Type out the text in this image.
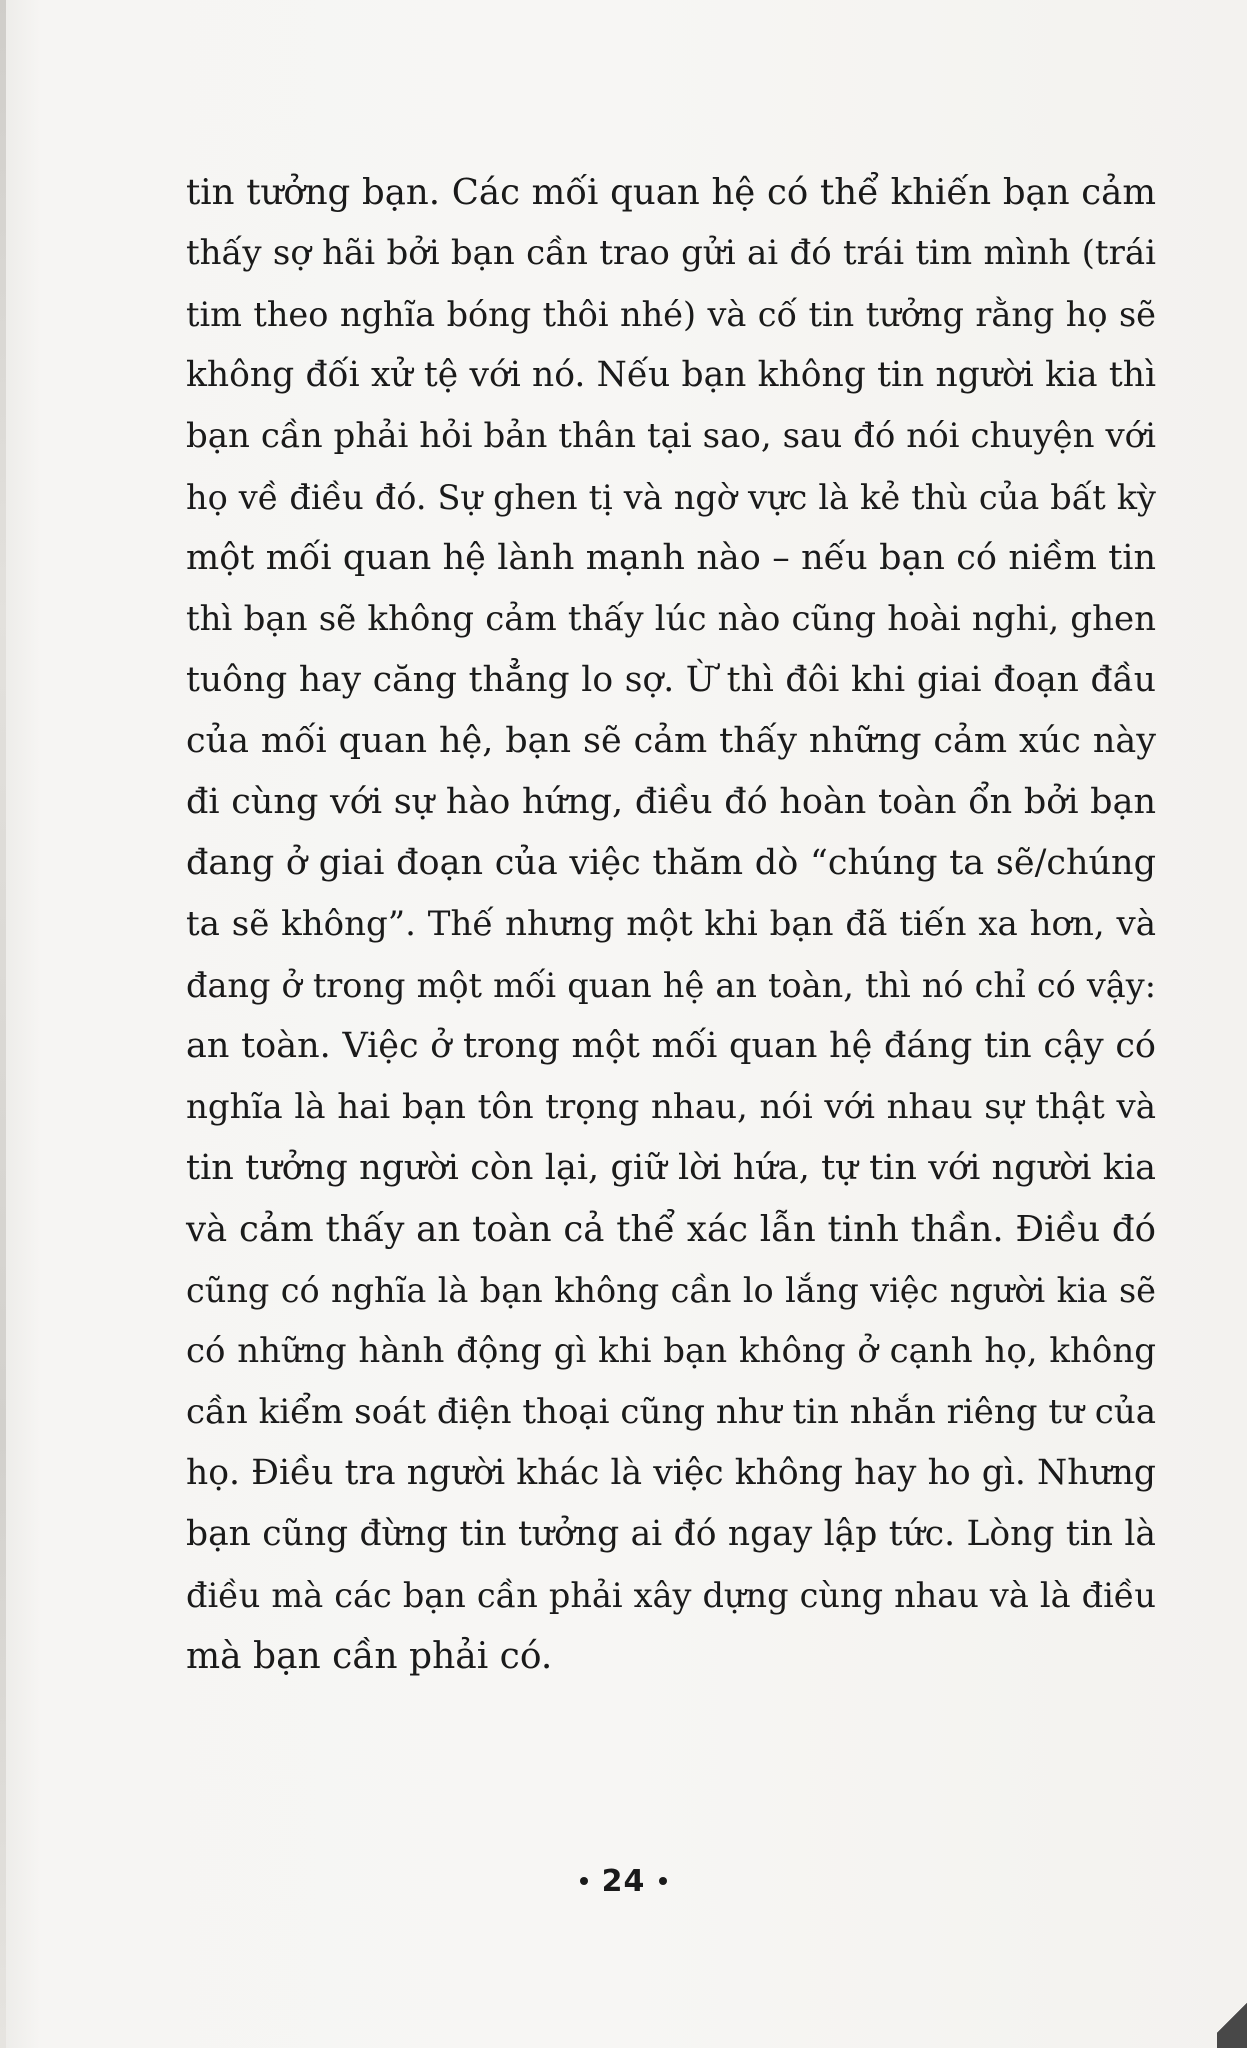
tin tưởng bạn. Các mối quan hệ có thể khiến bạn cảm
thấy sợ hãi bởi bạn cần trao gửi ai đó trái tim mình (trái
tim theo nghĩa bóng thôi nhé) và cố tin tưởng rằng họ sẽ
không đối xử tệ với nó. Nếu bạn không tin người kia thì
bạn cần phải hỏi bản thân tại sao, sau đó nói chuyện với
họ về điều đó. Sự ghen tị và ngờ vực là kẻ thù của bất kỳ
một mối quan hệ lành mạnh nào – nếu bạn có niềm tin
thì bạn sẽ không cảm thấy lúc nào cũng hoài nghi, ghen
tuông hay căng thẳng lo sợ. Ừ thì đôi khi giai đoạn đầu
của mối quan hệ, bạn sẽ cảm thấy những cảm xúc này
đi cùng với sự hào hứng, điều đó hoàn toàn ổn bởi bạn
đang ở giai đoạn của việc thăm dò “chúng ta sẽ/chúng
ta sẽ không”. Thế nhưng một khi bạn đã tiến xa hơn, và
đang ở trong một mối quan hệ an toàn, thì nó chỉ có vậy:
an toàn. Việc ở trong một mối quan hệ đáng tin cậy có
nghĩa là hai bạn tôn trọng nhau, nói với nhau sự thật và
tin tưởng người còn lại, giữ lời hứa, tự tin với người kia
và cảm thấy an toàn cả thể xác lẫn tinh thần. Điều đó
cũng có nghĩa là bạn không cần lo lắng việc người kia sẽ
có những hành động gì khi bạn không ở cạnh họ, không
cần kiểm soát điện thoại cũng như tin nhắn riêng tư của
họ. Điều tra người khác là việc không hay ho gì. Nhưng
bạn cũng đừng tin tưởng ai đó ngay lập tức. Lòng tin là
điều mà các bạn cần phải xây dựng cùng nhau và là điều
mà bạn cần phải có.
24
